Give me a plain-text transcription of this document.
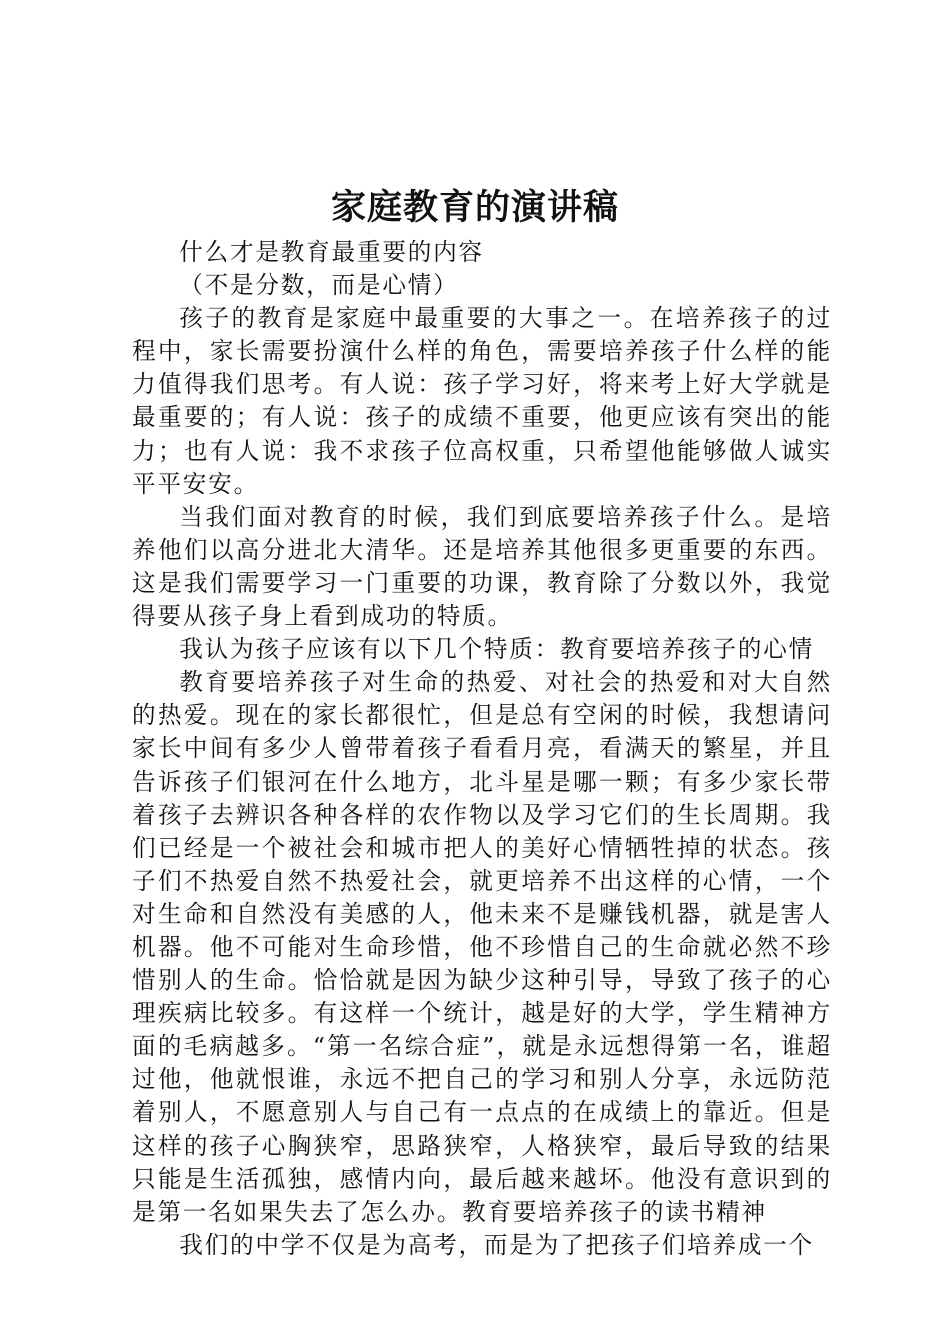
家庭教育的演讲稿

什么才是教育最重要的内容

（不是分数，而是心情）

孩子的教育是家庭中最重要的大事之一。在培养孩子的过程中，家长需要扮演什么样的角色，需要培养孩子什么样的能力值得我们思考。有人说：孩子学习好，将来考上好大学就是最重要的；有人说：孩子的成绩不重要，他更应该有突出的能力；也有人说：我不求孩子位高权重，只希望他能够做人诚实平平安安。

当我们面对教育的时候，我们到底要培养孩子什么。是培养他们以高分进北大清华。还是培养其他很多更重要的东西。这是我们需要学习一门重要的功课，教育除了分数以外，我觉得要从孩子身上看到成功的特质。

我认为孩子应该有以下几个特质：教育要培养孩子的心情

教育要培养孩子对生命的热爱、对社会的热爱和对大自然的热爱。现在的家长都很忙，但是总有空闲的时候，我想请问家长中间有多少人曾带着孩子看看月亮，看满天的繁星，并且告诉孩子们银河在什么地方，北斗星是哪一颗；有多少家长带着孩子去辨识各种各样的农作物以及学习它们的生长周期。我们已经是一个被社会和城市把人的美好心情牺牲掉的状态。孩子们不热爱自然不热爱社会，就更培养不出这样的心情，一个对生命和自然没有美感的人，他未来不是赚钱机器，就是害人机器。他不可能对生命珍惜，他不珍惜自己的生命就必然不珍惜别人的生命。恰恰就是因为缺少这种引导，导致了孩子的心理疾病比较多。有这样一个统计，越是好的大学，学生精神方面的毛病越多。“第一名综合症”，就是永远想得第一名，谁超过他，他就恨谁，永远不把自己的学习和别人分享，永远防范着别人，不愿意别人与自己有一点点的在成绩上的靠近。但是这样的孩子心胸狭窄，思路狭窄，人格狭窄，最后导致的结果只能是生活孤独，感情内向，最后越来越坏。他没有意识到的是第一名如果失去了怎么办。教育要培养孩子的读书精神

我们的中学不仅是为高考，而是为了把孩子们培养成一个
